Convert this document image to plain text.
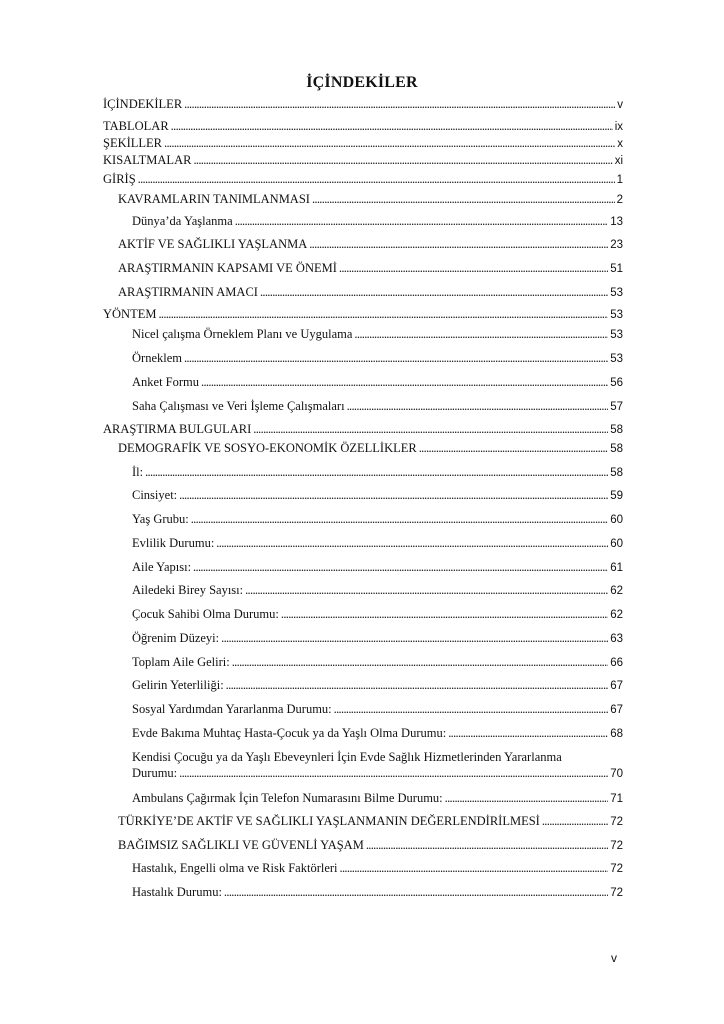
İÇİNDEKİLER
İÇİNDEKİLER . . .	v
TABLOLAR . . .	ix
ŞEKİLLER . . .	x
KISALTMALAR . . .	xi
GİRİŞ . . .	1
KAVRAMLARIN TANIMLANMASI . . .	2
Dünya’da Yaşlanma . . .	13
AKTİF VE SAĞLIKLI YAŞLANMA . . .	23
ARAŞTIRMANIN KAPSAMI VE ÖNEMİ . . .	51
ARAŞTIRMANIN AMACI . . .	53
YÖNTEM . . .	53
Nicel çalışma Örneklem Planı ve Uygulama . . .	53
Örneklem . . .	53
Anket Formu . . .	56
Saha Çalışması ve Veri İşleme Çalışmaları . . .	57
ARAŞTIRMA BULGULARI . . .	58
DEMOGRAFİK VE SOSYO-EKONOMİK ÖZELLİKLER . . .	58
İl: . . .	58
Cinsiyet: . . .	59
Yaş Grubu: . . .	60
Evlilik Durumu: . . .	60
Aile Yapısı: . . .	61
Ailedeki Birey Sayısı: . . .	62
Çocuk Sahibi Olma Durumu: . . .	62
Öğrenim Düzeyi: . . .	63
Toplam Aile Geliri: . . .	66
Gelirin Yeterliliği: . . .	67
Sosyal Yardımdan Yararlanma Durumu: . . .	67
Evde Bakıma Muhtaç Hasta-Çocuk ya da Yaşlı Olma Durumu: . . .	68
Kendisi Çocuğu ya da Yaşlı Ebeveynleri İçin Evde Sağlık Hizmetlerinden Yararlanma
Durumu: . . .	70
Ambulans Çağırmak İçin Telefon Numarasını Bilme Durumu: . . .	71
TÜRKİYE’DE AKTİF VE SAĞLIKLI YAŞLANMANIN DEĞERLENDİRİLMESİ . . .	72
BAĞIMSIZ SAĞLIKLI VE GÜVENLİ YAŞAM . . .	72
Hastalık, Engelli olma ve Risk Faktörleri . . .	72
Hastalık Durumu: . . .	72
v
